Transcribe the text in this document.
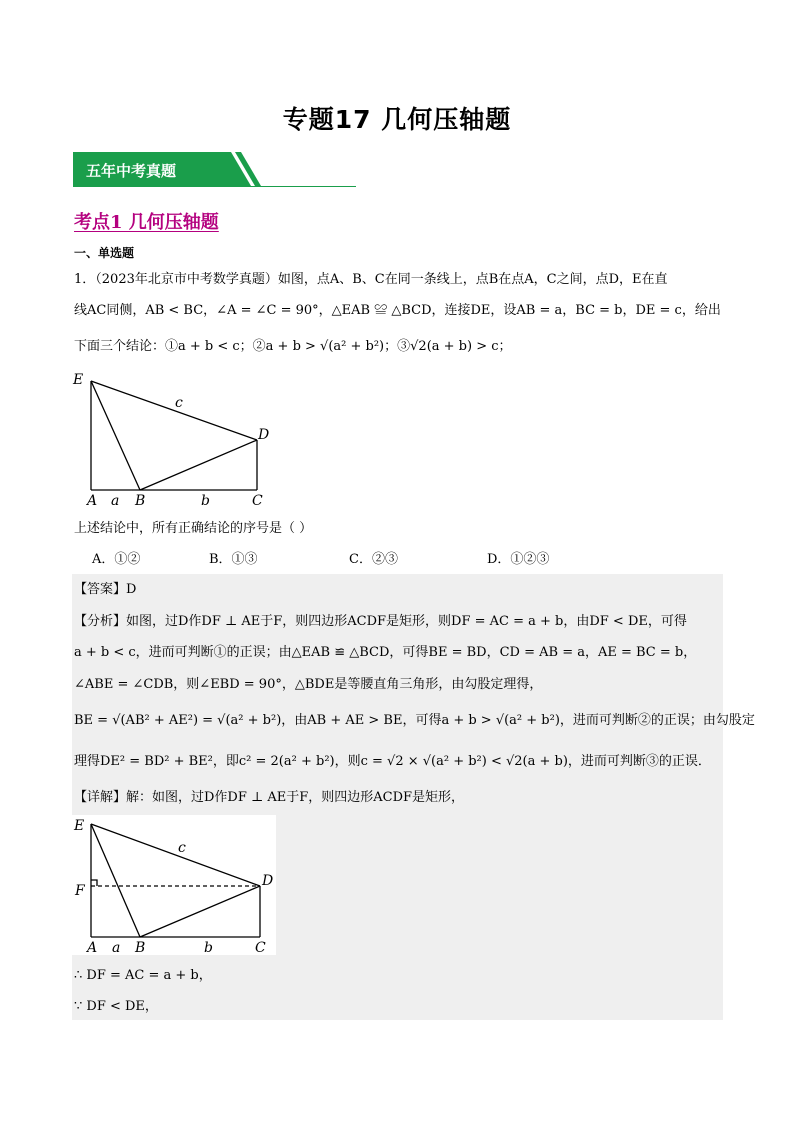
专题17 几何压轴题
五年中考真题
考点1 几何压轴题
一、单选题
1．（2023年北京市中考数学真题）如图，点A、B、C在同一条线上，点B在点A，C之间，点D，E在直
线AC同侧，AB < BC，∠A = ∠C = 90°，△EAB ≌ △BCD，连接DE，设AB = a，BC = b，DE = c，给出
下面三个结论：①a + b < c；②a + b > √(a² + b²)；③√2(a + b) > c；
E
D
A	B	C
a	b
c
上述结论中，所有正确结论的序号是（ ）
A．①②	B．①③	C．②③	D．①②③
【答案】D
【分析】如图，过D作DF ⊥ AE于F，则四边形ACDF是矩形，则DF = AC = a + b，由DF < DE，可得
a + b < c，进而可判断①的正误；由△EAB ≌ △BCD，可得BE = BD，CD = AB = a，AE = BC = b，
∠ABE = ∠CDB，则∠EBD = 90°，△BDE是等腰直角三角形，由勾股定理得，
BE = √(AB² + AE²) = √(a² + b²)，由AB + AE > BE，可得a + b > √(a² + b²)，进而可判断②的正误；由勾股定
理得DE² = BD² + BE²，即c² = 2(a² + b²)，则c = √2 × √(a² + b²) < √2(a + b)，进而可判断③的正误．
【详解】解：如图，过D作DF ⊥ AE于F，则四边形ACDF是矩形，
E
D
F
A	B	C
a	b
c
∴ DF = AC = a + b，
∵ DF < DE，
